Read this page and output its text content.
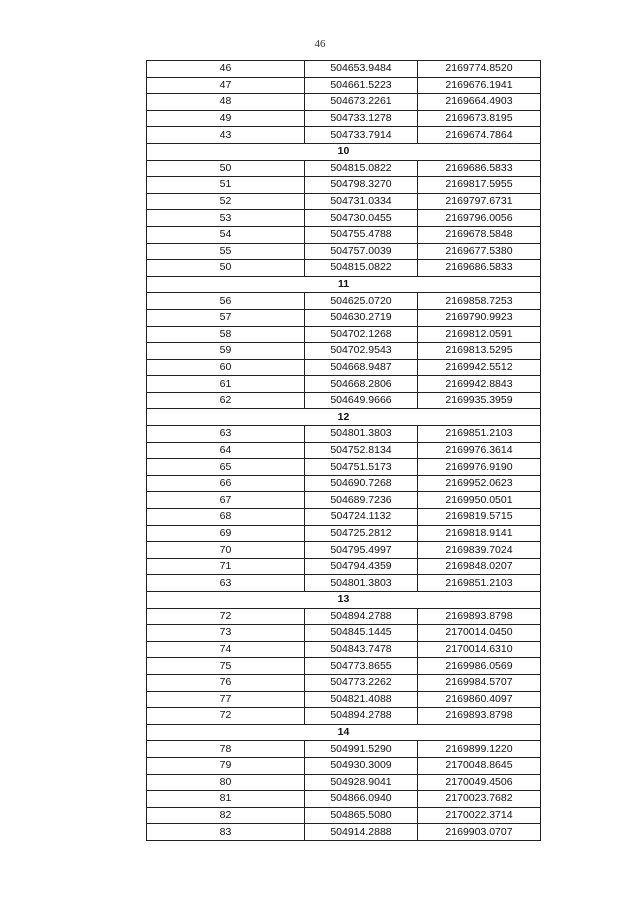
46
46	504653.9484	2169774.8520
47	504661.5223	2169676.1941
48	504673.2261	2169664.4903
49	504733.1278	2169673.8195
43	504733.7914	2169674.7864
10		
50	504815.0822	2169686.5833
51	504798.3270	2169817.5955
52	504731.0334	2169797.6731
53	504730.0455	2169796.0056
54	504755.4788	2169678.5848
55	504757.0039	2169677.5380
50	504815.0822	2169686.5833
11		
56	504625.0720	2169858.7253
57	504630.2719	2169790.9923
58	504702.1268	2169812.0591
59	504702.9543	2169813.5295
60	504668.9487	2169942.5512
61	504668.2806	2169942.8843
62	504649.9666	2169935.3959
12		
63	504801.3803	2169851.2103
64	504752.8134	2169976.3614
65	504751.5173	2169976.9190
66	504690.7268	2169952.0623
67	504689.7236	2169950.0501
68	504724.1132	2169819.5715
69	504725.2812	2169818.9141
70	504795.4997	2169839.7024
71	504794.4359	2169848.0207
63	504801.3803	2169851.2103
13		
72	504894.2788	2169893.8798
73	504845.1445	2170014.0450
74	504843.7478	2170014.6310
75	504773.8655	2169986.0569
76	504773.2262	2169984.5707
77	504821.4088	2169860.4097
72	504894.2788	2169893.8798
14		
78	504991.5290	2169899.1220
79	504930.3009	2170048.8645
80	504928.9041	2170049.4506
81	504866.0940	2170023.7682
82	504865.5080	2170022.3714
83	504914.2888	2169903.0707
